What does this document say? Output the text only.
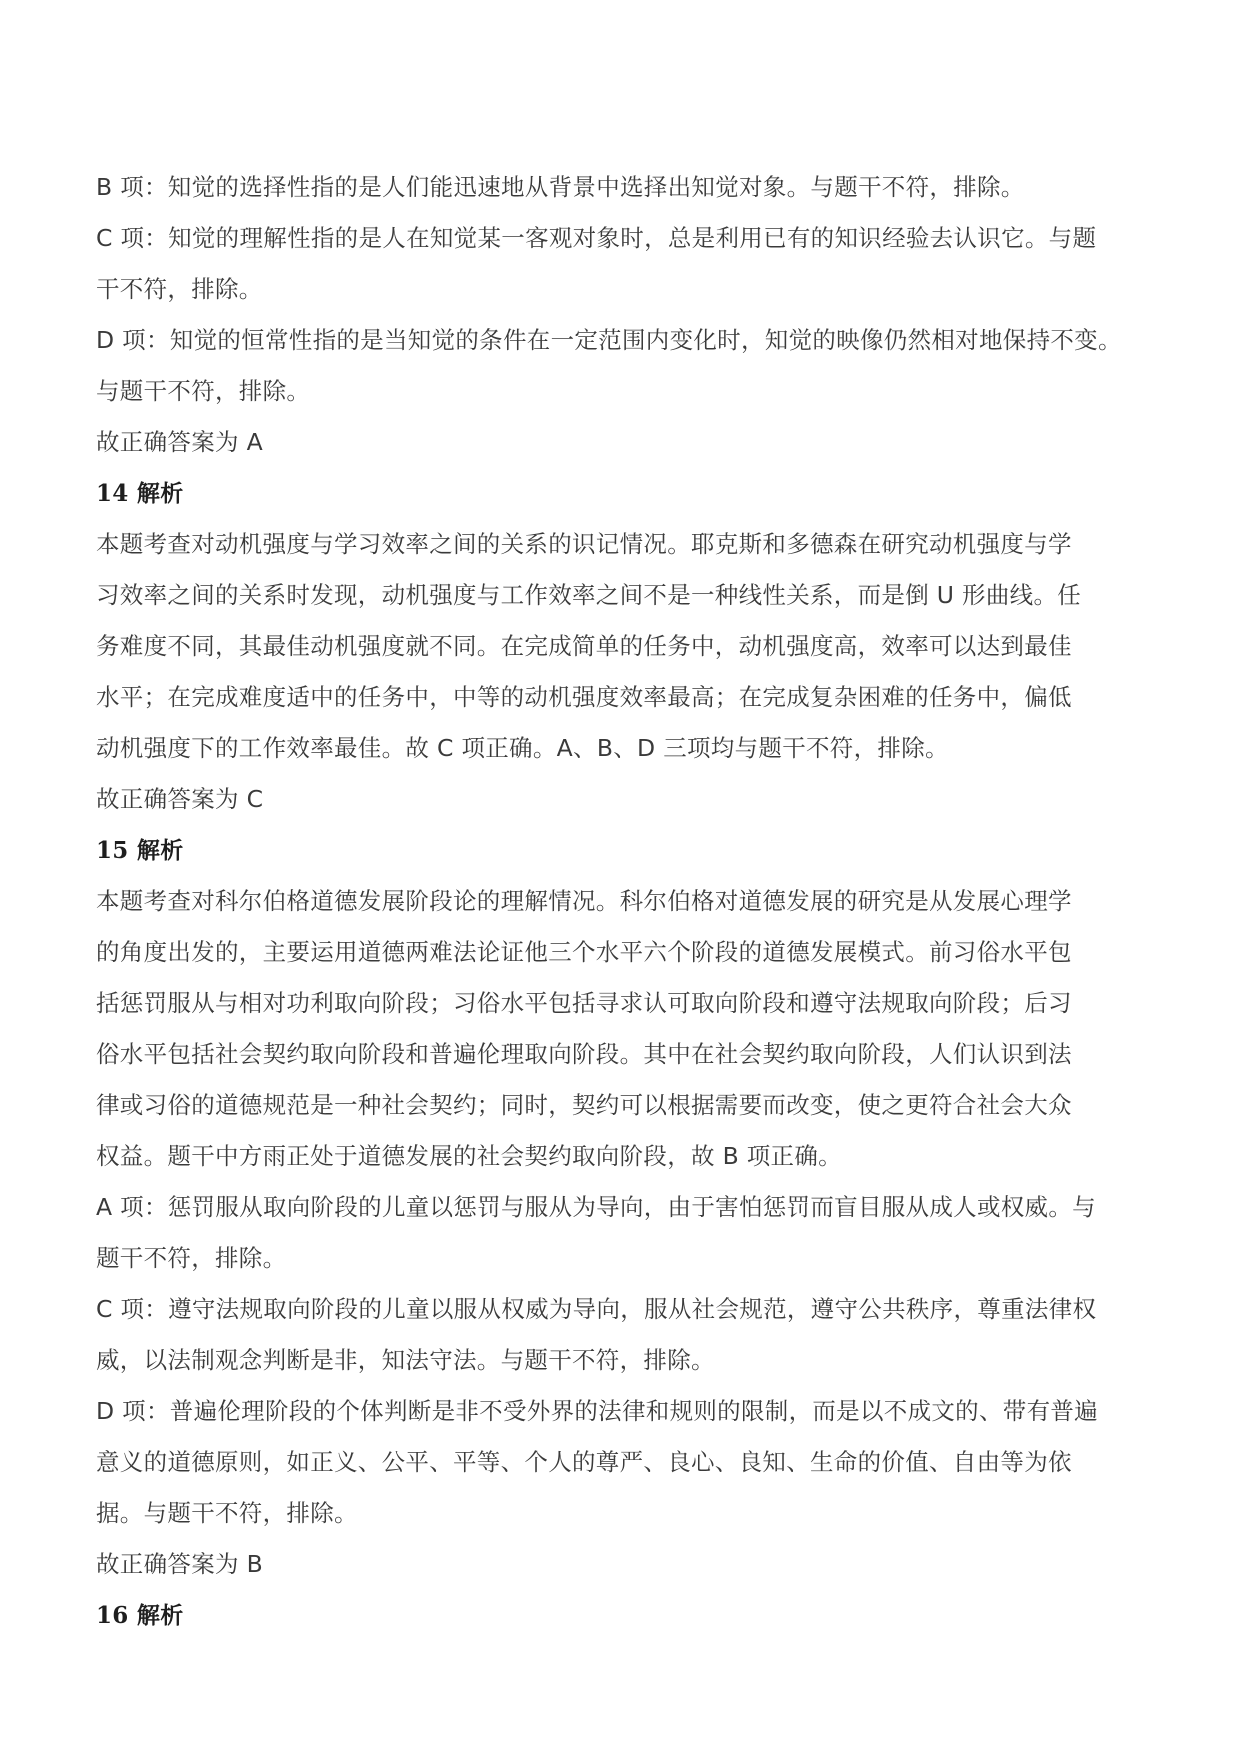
B 项：知觉的选择性指的是人们能迅速地从背景中选择出知觉对象。与题干不符，排除。
C 项：知觉的理解性指的是人在知觉某一客观对象时，总是利用已有的知识经验去认识它。与题
干不符，排除。
D 项：知觉的恒常性指的是当知觉的条件在一定范围内变化时，知觉的映像仍然相对地保持不变。
与题干不符，排除。
故正确答案为 A
14 解析
本题考查对动机强度与学习效率之间的关系的识记情况。耶克斯和多德森在研究动机强度与学
习效率之间的关系时发现，动机强度与工作效率之间不是一种线性关系，而是倒 U 形曲线。任
务难度不同，其最佳动机强度就不同。在完成简单的任务中，动机强度高，效率可以达到最佳
水平；在完成难度适中的任务中，中等的动机强度效率最高；在完成复杂困难的任务中，偏低
动机强度下的工作效率最佳。故 C 项正确。A、B、D 三项均与题干不符，排除。
故正确答案为 C
15 解析
本题考查对科尔伯格道德发展阶段论的理解情况。科尔伯格对道德发展的研究是从发展心理学
的角度出发的，主要运用道德两难法论证他三个水平六个阶段的道德发展模式。前习俗水平包
括惩罚服从与相对功利取向阶段；习俗水平包括寻求认可取向阶段和遵守法规取向阶段；后习
俗水平包括社会契约取向阶段和普遍伦理取向阶段。其中在社会契约取向阶段，人们认识到法
律或习俗的道德规范是一种社会契约；同时，契约可以根据需要而改变，使之更符合社会大众
权益。题干中方雨正处于道德发展的社会契约取向阶段，故 B 项正确。
A 项：惩罚服从取向阶段的儿童以惩罚与服从为导向，由于害怕惩罚而盲目服从成人或权威。与
题干不符，排除。
C 项：遵守法规取向阶段的儿童以服从权威为导向，服从社会规范，遵守公共秩序，尊重法律权
威，以法制观念判断是非，知法守法。与题干不符，排除。
D 项：普遍伦理阶段的个体判断是非不受外界的法律和规则的限制，而是以不成文的、带有普遍
意义的道德原则，如正义、公平、平等、个人的尊严、良心、良知、生命的价值、自由等为依
据。与题干不符，排除。
故正确答案为 B
16 解析
